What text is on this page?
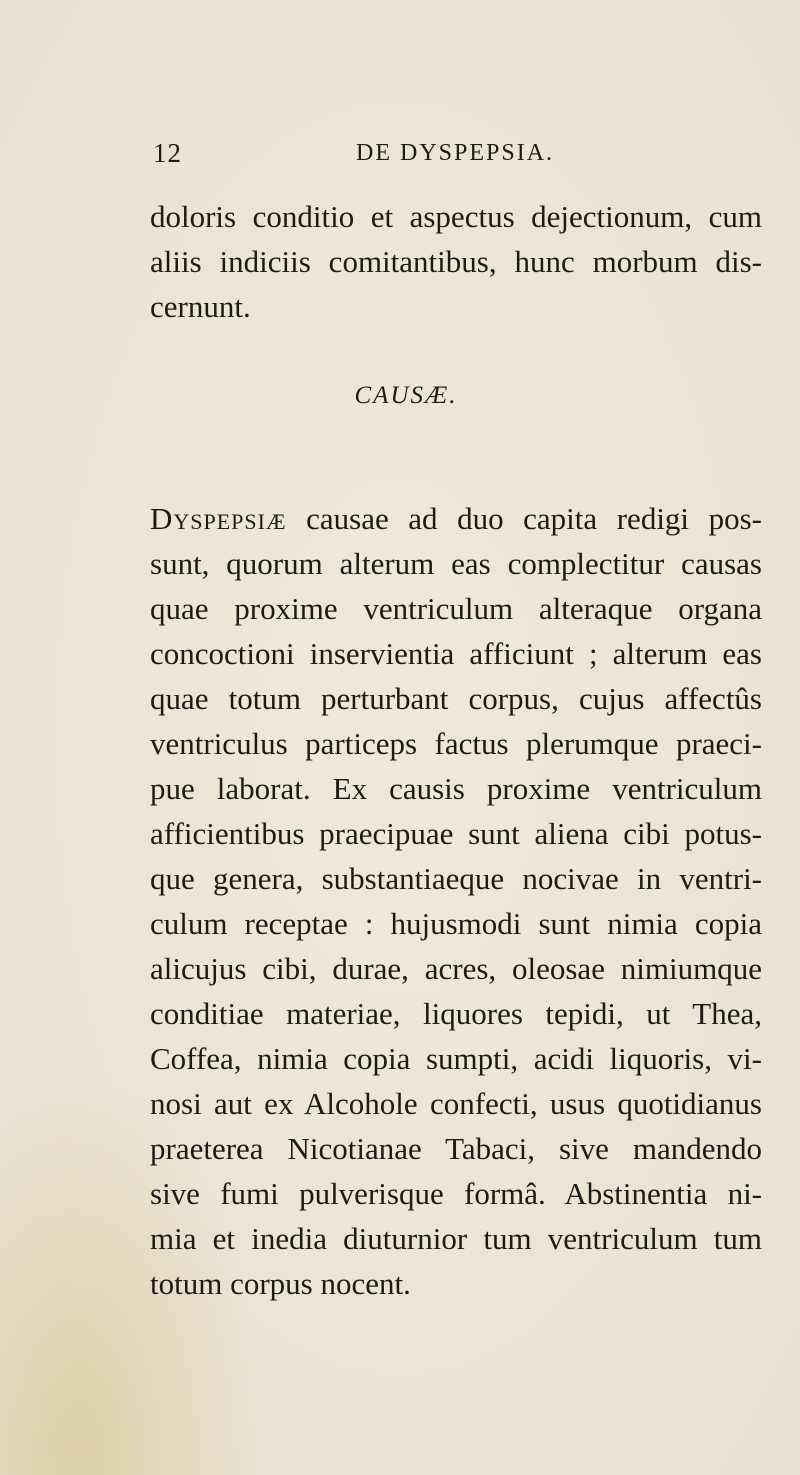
12	DE DYSPEPSIA.
doloris conditio et aspectus dejectionum, cum
aliis indiciis comitantibus, hunc morbum dis-
cernunt.
CAUSÆ.
Dyspepsiæ causae ad duo capita redigi pos-
sunt, quorum alterum eas complectitur causas
quae proxime ventriculum alteraque organa
concoctioni inservientia afficiunt ; alterum eas
quae totum perturbant corpus, cujus affectûs
ventriculus particeps factus plerumque praeci-
pue laborat. Ex causis proxime ventriculum
afficientibus praecipuae sunt aliena cibi potus-
que genera, substantiaeque nocivae in ventri-
culum receptae : hujusmodi sunt nimia copia
alicujus cibi, durae, acres, oleosae nimiumque
conditiae materiae, liquores tepidi, ut Thea,
Coffea, nimia copia sumpti, acidi liquoris, vi-
nosi aut ex Alcohole confecti, usus quotidianus
praeterea Nicotianae Tabaci, sive mandendo
sive fumi pulverisque formâ. Abstinentia ni-
mia et inedia diuturnior tum ventriculum tum
totum corpus nocent.
